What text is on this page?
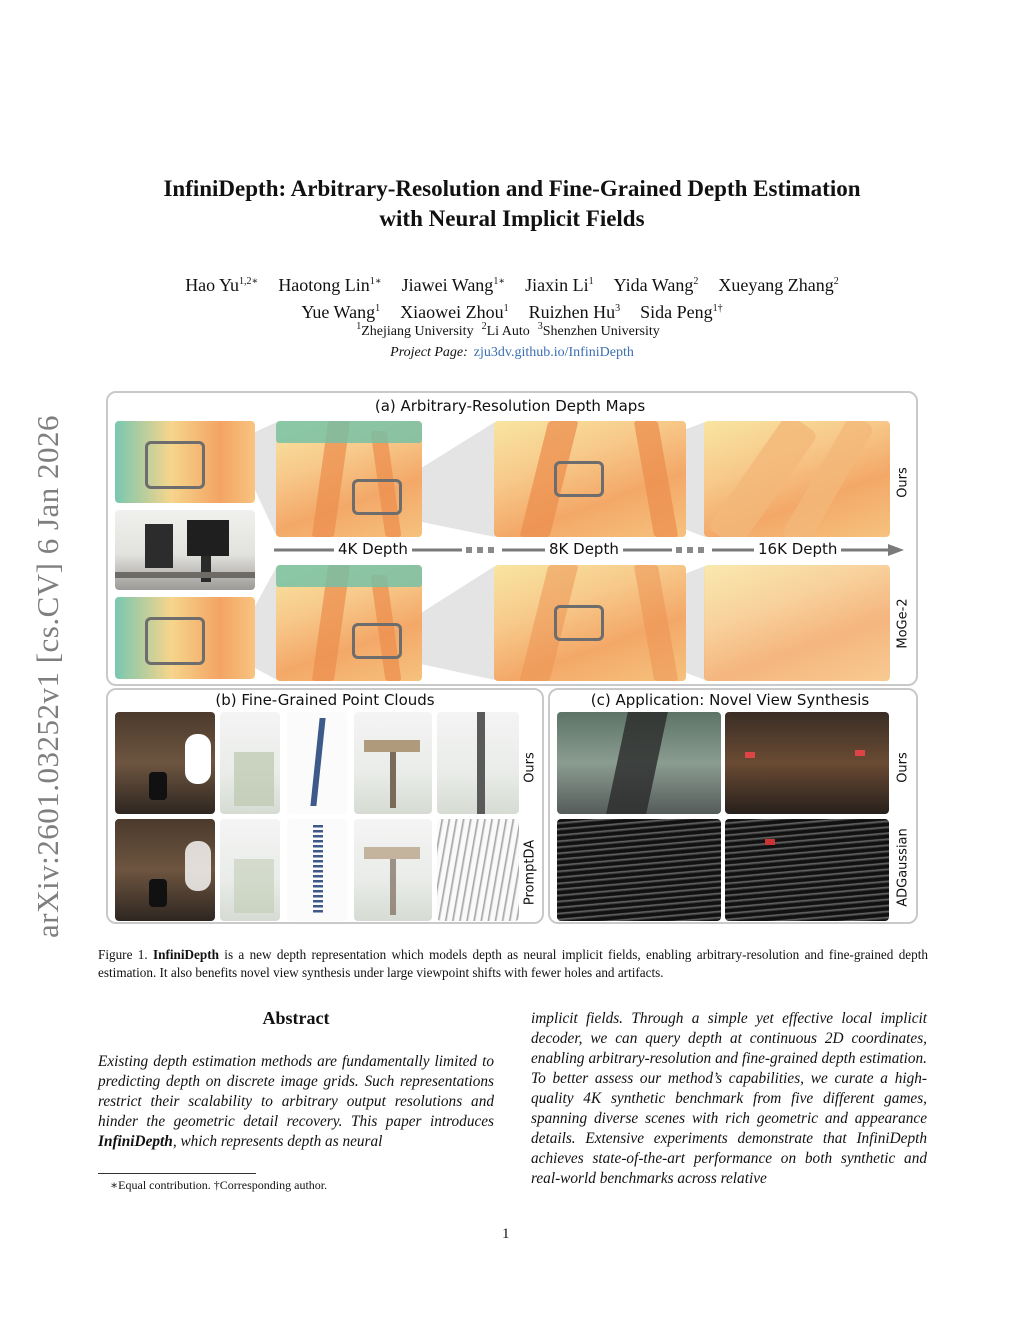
arXiv:2601.03252v1 [cs.CV] 6 Jan 2026
InfiniDepth: Arbitrary-Resolution and Fine-Grained Depth Estimation
with Neural Implicit Fields
Hao $Yu^{1,2∗}$ Haotong Lin$^{1∗}$ Jiawei Wang$^{1∗}$ Jiaxin Li$^1$ Yida Wang$^2$ Xueyang Zhang$^2$
Yue Wang$^1$ Xiaowei Zhou$^1$ Ruizhen Hu$^3$ Sida Peng$^{1\dagger}$
$^1$Zhejiang University $^2$Li Auto $^3$Shenzhen University
Project Page: zju3dv.github.io/InfiniDepth
(a) Arbitrary-Resolution Depth Maps
4K Depth	8K Depth	16K Depth
Ours
MoGe-2
(b) Fine-Grained Point Clouds
Ours
PromptDA
(c) Application: Novel View Synthesis
Ours
ADGaussian
Figure 1. InfiniDepth is a new depth representation which models depth as neural implicit fields, enabling arbitrary-resolution and fine-grained depth estimation. It also benefits novel view synthesis under large viewpoint shifts with fewer holes and artifacts.
Abstract
Existing depth estimation methods are fundamentally limited to predicting depth on discrete image grids. Such representations restrict their scalability to arbitrary output resolutions and hinder the geometric detail recovery. This paper introduces InfiniDepth, which represents depth as neural
implicit fields. Through a simple yet effective local implicit decoder, we can query depth at continuous 2D coordinates, enabling arbitrary-resolution and fine-grained depth estimation. To better assess our method’s capabilities, we curate a high-quality 4K synthetic benchmark from five different games, spanning diverse scenes with rich geometric and appearance details. Extensive experiments demonstrate that InfiniDepth achieves state-of-the-art performance on both synthetic and real-world benchmarks across relative
∗Equal contribution. †Corresponding author.
1
